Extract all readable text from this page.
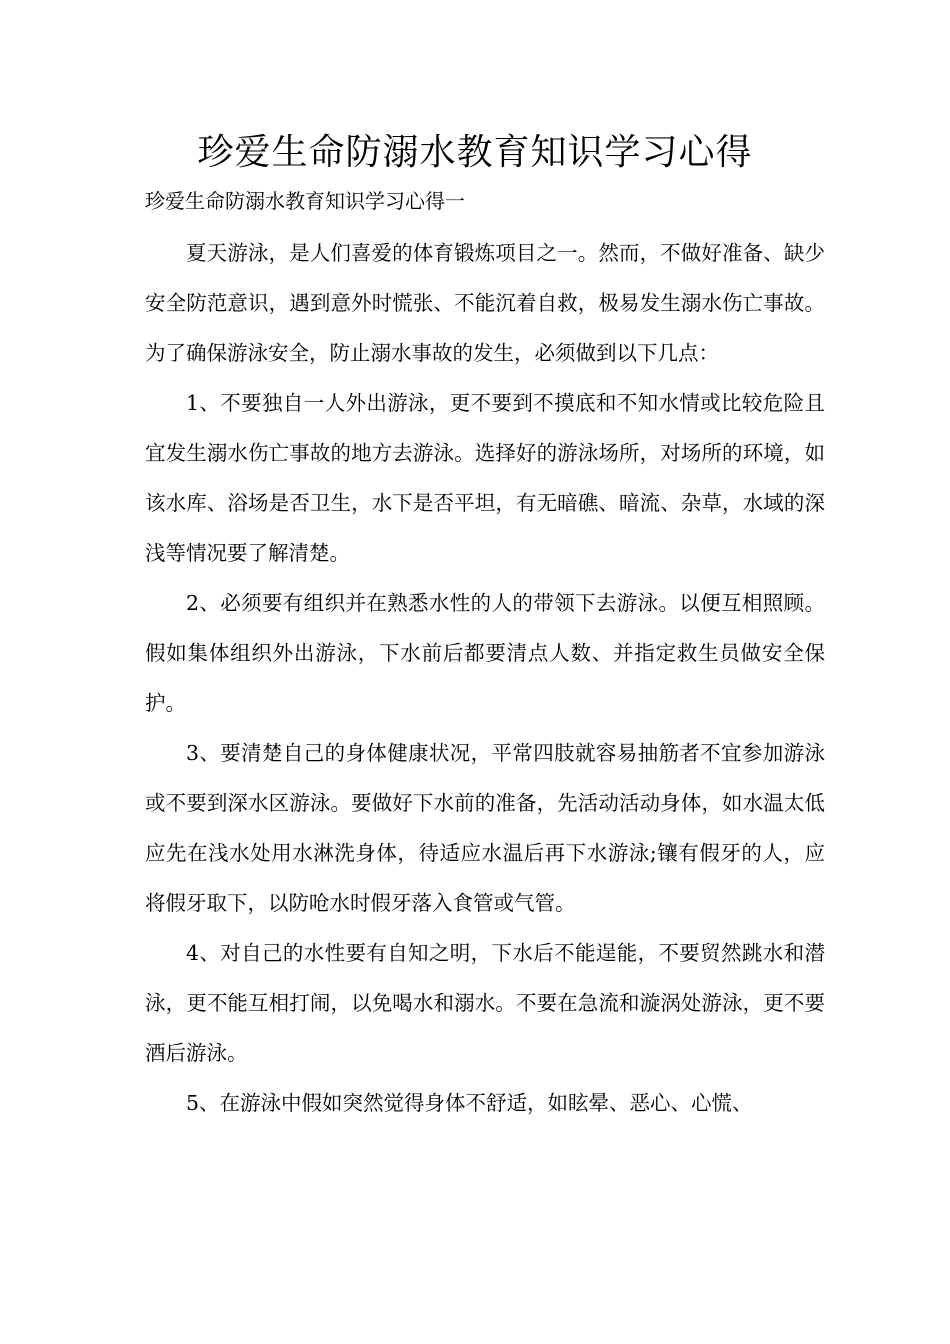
珍爱生命防溺水教育知识学习心得

珍爱生命防溺水教育知识学习心得一

夏天游泳，是人们喜爱的体育锻炼项目之一。然而，不做好准备、缺少安全防范意识，遇到意外时慌张、不能沉着自救，极易发生溺水伤亡事故。为了确保游泳安全，防止溺水事故的发生，必须做到以下几点：

1、不要独自一人外出游泳，更不要到不摸底和不知水情或比较危险且宜发生溺水伤亡事故的地方去游泳。选择好的游泳场所，对场所的环境，如该水库、浴场是否卫生，水下是否平坦，有无暗礁、暗流、杂草，水域的深浅等情况要了解清楚。

2、必须要有组织并在熟悉水性的人的带领下去游泳。以便互相照顾。假如集体组织外出游泳，下水前后都要清点人数、并指定救生员做安全保护。

3、要清楚自己的身体健康状况，平常四肢就容易抽筋者不宜参加游泳或不要到深水区游泳。要做好下水前的准备，先活动活动身体，如水温太低应先在浅水处用水淋洗身体，待适应水温后再下水游泳;镶有假牙的人，应将假牙取下，以防呛水时假牙落入食管或气管。

4、对自己的水性要有自知之明，下水后不能逞能，不要贸然跳水和潜泳，更不能互相打闹，以免喝水和溺水。不要在急流和漩涡处游泳，更不要酒后游泳。

5、在游泳中假如突然觉得身体不舒适，如眩晕、恶心、心慌、
